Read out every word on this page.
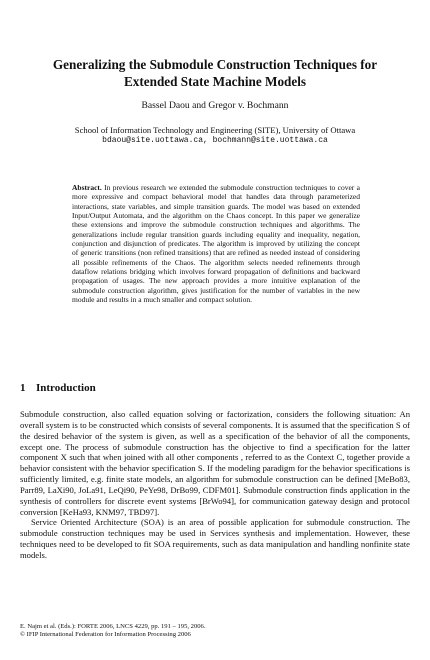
Generalizing the Submodule Construction Techniques for
Extended State Machine Models
Bassel Daou and Gregor v. Bochmann
School of Information Technology and Engineering (SITE), University of Ottawa
bdaou@site.uottawa.ca, bochmann@site.uottawa.ca
Abstract. In previous research we extended the submodule construction techniques to cover a more expressive and compact behavioral model that handles data through parameterized interactions, state variables, and simple transition guards. The model was based on extended Input/Output Automata, and the algorithm on the Chaos concept. In this paper we generalize these extensions and improve the submodule construction techniques and algorithms. The generalizations include regular transition guards including equality and inequality, negation, conjunction and disjunction of predicates. The algorithm is improved by utilizing the concept of generic transitions (non refined transitions) that are refined as needed instead of considering all possible refinements of the Chaos. The algorithm selects needed refinements through dataflow relations bridging which involves forward propagation of definitions and backward propagation of usages. The new approach provides a more intuitive explanation of the submodule construction algorithm, gives justification for the number of variables in the new module and results in a much smaller and compact solution.
1 Introduction

Submodule construction, also called equation solving or factorization, considers the following situation: An overall system is to be constructed which consists of several components. It is assumed that the specification S of the desired behavior of the system is given, as well as a specification of the behavior of all the components, except one. The process of submodule construction has the objective to find a specification for the latter component X such that when joined with all other components , referred to as the Context C, together provide a behavior consistent with the behavior specification S. If the modeling paradigm for the behavior specifications is sufficiently limited, e.g. finite state models, an algorithm for submodule construction can be defined [MeBo83, Parr89, LaXi90, JoLa91, LeQi90, PeYe98, DrBo99, CDFM01]. Submodule construction finds application in the synthesis of controllers for discrete event systems [BrWo94], for communication gateway design and protocol conversion [KeHa93, KNM97, TBD97].

Service Oriented Architecture (SOA) is an area of possible application for submodule construction. The submodule construction techniques may be used in Services synthesis and implementation. However, these techniques need to be developed to fit SOA requirements, such as data manipulation and handling nonfinite state models.

E. Najm et al. (Eds.): FORTE 2006, LNCS 4229, pp. 191 – 195, 2006.
© IFIP International Federation for Information Processing 2006
